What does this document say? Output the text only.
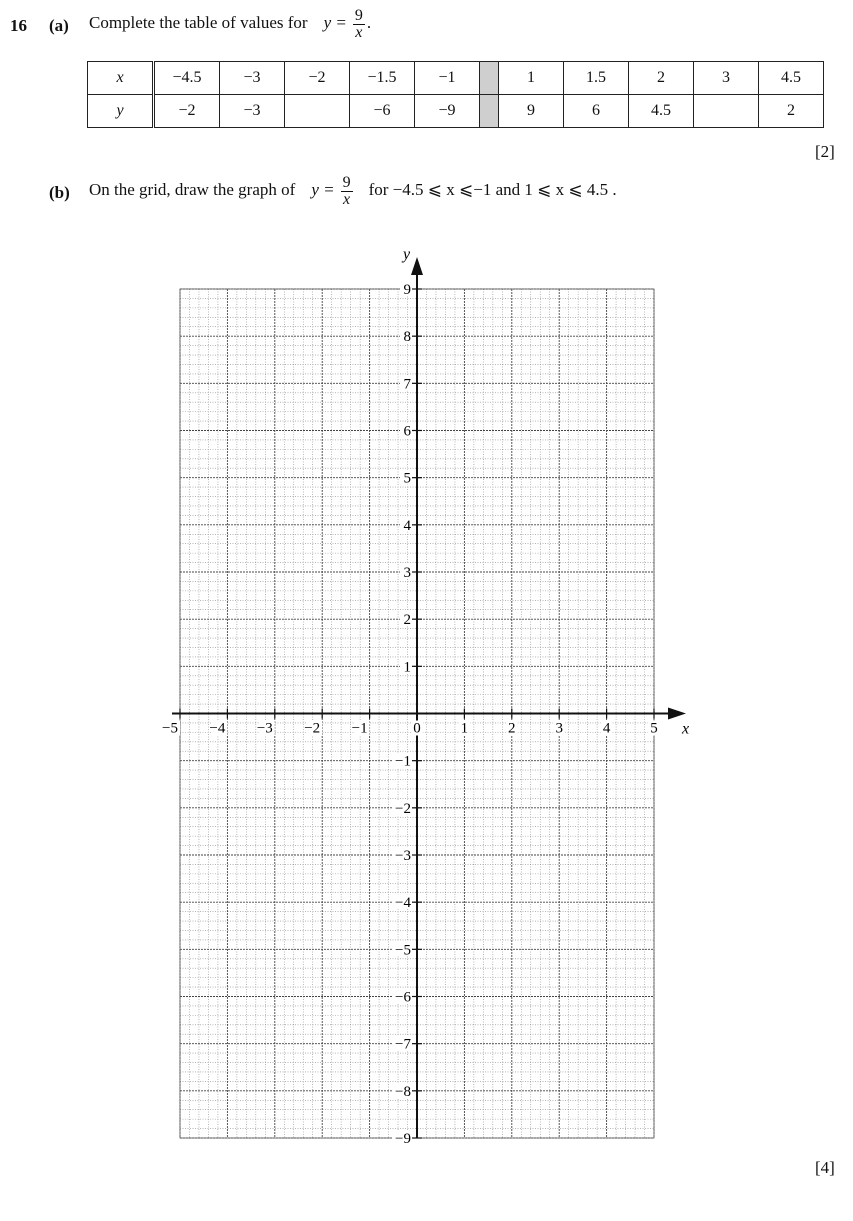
16 (a) Complete the table of values for $y = \frac{9}{x}$ .
x	−4.5	−3	−2	−1.5	−1		1	1.5	2	3	4.5
y	−2	−3		−6	−9		9	6	4.5		2
[2]
(b) On the grid, draw the graph of $y = \frac{9}{x}$ for −4.5 ⩽ x ⩽−1 and 1 ⩽ x ⩽ 4.5 .
x
y
−5 −4 −3 −2 −1	0	1	2	3	4	5
−9
−8
−7
−6
−5
−4
−3
−2
−1
1
2
3
4
5
6
7
8
9
[4]
